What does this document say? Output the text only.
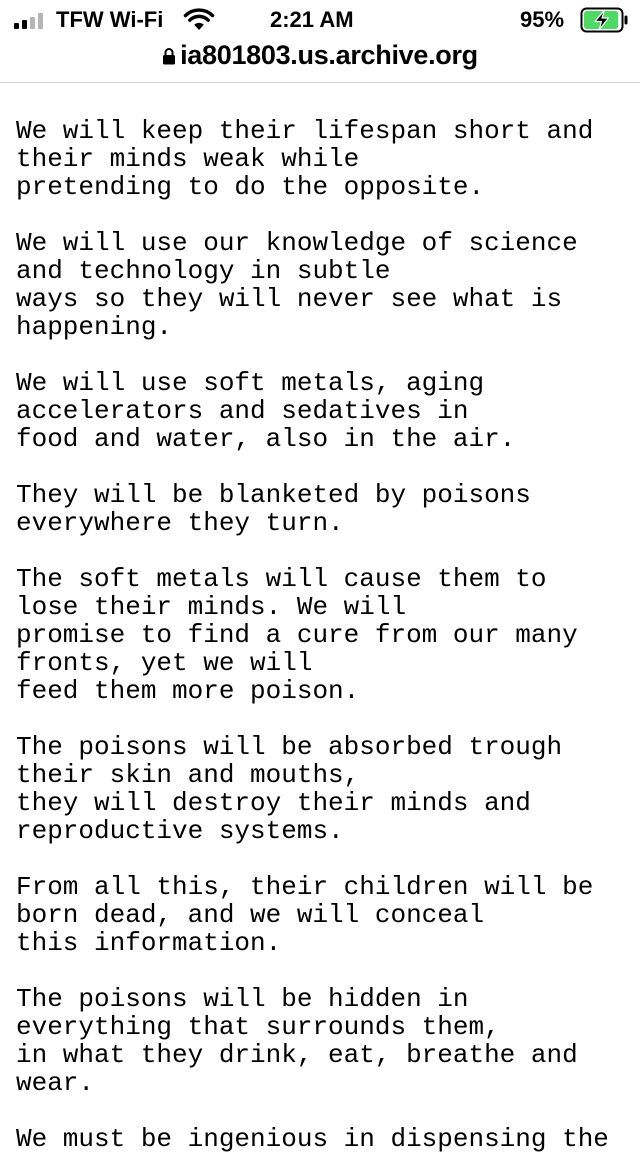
TFW Wi-Fi	2:21 AM	95%
ia801803.us.archive.org
We will keep their lifespan short and
their minds weak while
pretending to do the opposite.
We will use our knowledge of science
and technology in subtle
ways so they will never see what is
happening.
We will use soft metals, aging
accelerators and sedatives in
food and water, also in the air.
They will be blanketed by poisons
everywhere they turn.
The soft metals will cause them to
lose their minds. We will
promise to find a cure from our many
fronts, yet we will
feed them more poison.
The poisons will be absorbed trough
their skin and mouths,
they will destroy their minds and
reproductive systems.
From all this, their children will be
born dead, and we will conceal
this information.
The poisons will be hidden in
everything that surrounds them,
in what they drink, eat, breathe and
wear.
We must be ingenious in dispensing the
